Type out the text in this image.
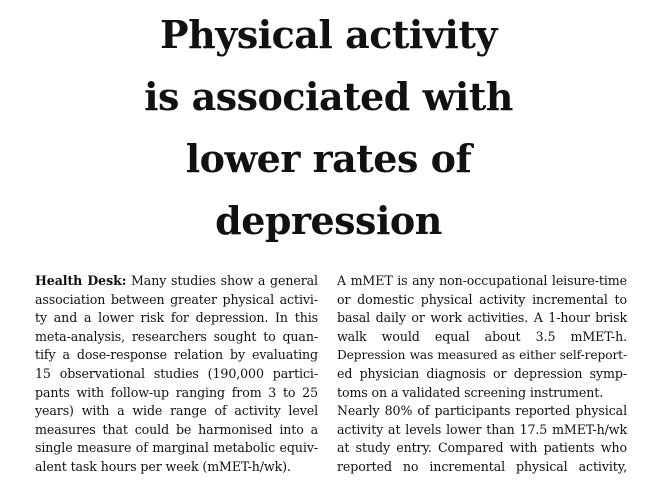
Physical activity
is associated with
lower rates of
depression
Health Desk: Many studies show a general
association between greater physical activi-
ty and a lower risk for depression. In this
meta-analysis, researchers sought to quan-
tify a dose-response relation by evaluating
15 observational studies (190,000 partici-
pants with follow-up ranging from 3 to 25
years) with a wide range of activity level
measures that could be harmonised into a
single measure of marginal metabolic equiv-
alent task hours per week (mMET-h/wk).
A mMET is any non-occupational leisure-time
or domestic physical activity incremental to
basal daily or work activities. A 1-hour brisk
walk would equal about 3.5 mMET-h.
Depression was measured as either self-report-
ed physician diagnosis or depression symp-
toms on a validated screening instrument.
Nearly 80% of participants reported physical
activity at levels lower than 17.5 mMET-h/wk
at study entry. Compared with patients who
reported no incremental physical activity,
